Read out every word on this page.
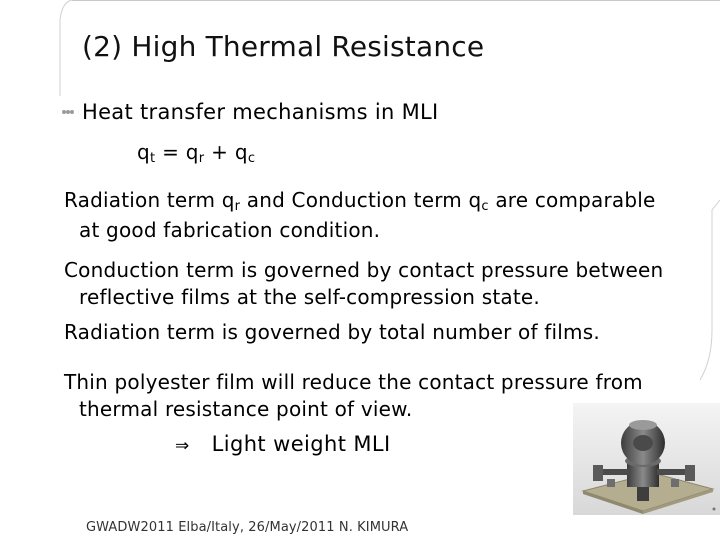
(2) High Thermal Resistance
Heat transfer mechanisms in MLI
$q_t = q_r + q_c$
Radiation term $q_r$ and Conduction term $q_c$ are comparable
at good fabrication condition.
Conduction term is governed by contact pressure between
reflective films at the self-compression state.
Radiation term is governed by total number of films.
Thin polyester film will reduce the contact pressure from
thermal resistance point of view.
⇒ Light weight MLI
GWADW2011 Elba/Italy, 26/May/2011 N. KIMURA
